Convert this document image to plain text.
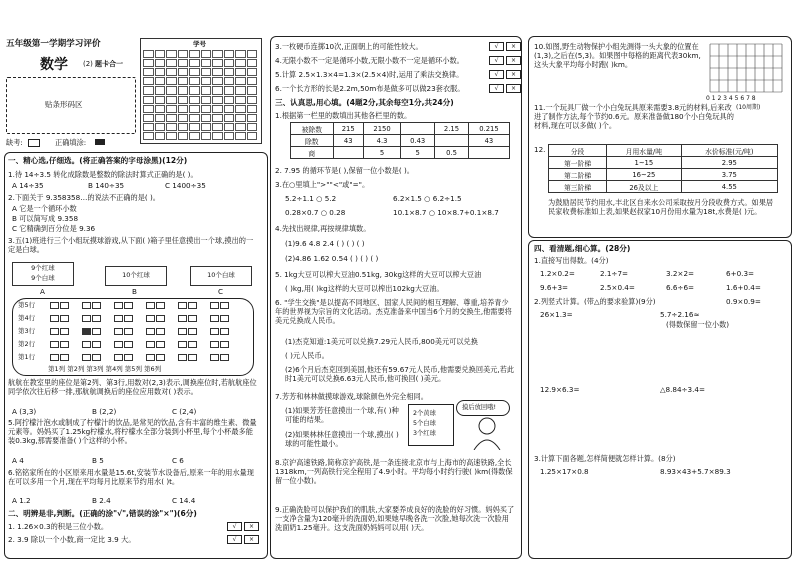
五年级第一学期学习评价
数学 (2) 题卡合一
贴条形码区
缺考:	正确填涂:
学号
一、精心选,仔细选。(将正确答案的字母涂黑)(12分)
1.待 14÷3.5 转化成除数是整数的除法时算式正确的是( )。
A 14÷35	B 140÷35	C 1400÷35
2.下面关于 9.358358…的说法不正确的是( )。
A 它是一个循环小数
B 可以简写成 9.358
C 它精确到百分位是 9.36
3.五(1)班进行三个小组玩摸球游戏,从下面( )箱子里任意摸出一个球,摸出的一定是白球。
9个红球
9个白球	10个红球	10个白球
A	B	C
第5行
第4行
第3行
第2行
第1行
第1列 第2列 第3列 第4列 第5列 第6列
航航在教室里的座位是第2列、第3行,用数对(2,3)表示,调换座位时,若航航座位同学依次往后移一排,那航航调换后的座位应用数对( )表示。
A (3,3)	B (2,2)	C (2,4)
5.阿拧檬汁泡水或制成了柠檬汁的饮品,是常见的饮品,含有丰富的维生素、微量元素等。妈妈买了1.25kg柠檬水,将柠檬水全部分装到小杯里,每个小杯最多能装0.3kg,那需要准备( )个这样的小杯。
A 4	B 5	C 6
6.铭铭家所在的小区原来用水量是15.6t,安装节水设备后,原来一年的用水量现在可以多用一个月,现在平均每月比原来节约用水( )t。
A 1.2	B 2.4	C 14.4
二、明辨是非,判断。(正确的涂"√",错误的涂"×")(6分)
1. 1.26×0.3的积是三位小数。
2. 3.9 除以一个小数,商一定比 3.9 大。
√ ×
√ ×
3.一枚硬币连掷10次,正面朝上的可能性较大。
4.无限小数不一定是循环小数,无限小数不一定是循环小数。
5.计算 2.5×1.3×4=1.3×(2.5×4)时,运用了乘法交换律。
6.一个长方形的长是2.2m,50m布是做多可以做23套衣服。
√ ×
√ ×
√ ×
√ ×
三、认真思,用心填。(4题2分,其余每空1分,共24分)
1.根据第一栏里的数填出其他各栏里的数。
被除数	215	2150		2.15	0.215
除数	43	4.3	0.43		43
商		5	5	0.5	
2. 7.95 的循环节是( ),保留一位小数是( )。
3.在○里填上">""<"或"="。
5.2÷1.1 ○ 5.2	6.2×1.5 ○ 6.2÷1.5
0.28×0.7 ○ 0.28	10.1×8.7 ○ 10×8.7+0.1×8.7
4.先找出规律,再按规律填数。
(1)9.6 4.8 2.4 ( ) ( ) ( )
(2)4.86 1.62 0.54 ( ) ( ) ( )
5. 1kg大豆可以榨大豆油0.51kg, 30kg这样的大豆可以榨大豆油
( )kg,用( )kg这样的大豆可以榨出102kg大豆油。
6. "学生交换"是以提高不同地区、国家人民间的相互理解、尊重,培养青少年的世界视为宗旨的文化活动。杰克准备来中国当6个月的交换生,他需要将美元兑换成人民币。
(1)杰克知道:1美元可以兑换7.29元人民币,800美元可以兑换
( )元人民币。
(2)6个月后杰克回到美国,他还有59.67元人民币,他需要兑换回美元,若此时1美元可以兑换6.63元人民币,他可换回( )美元。
7.芳芳和林林做摸球游戏,球除颜色外完全相同。
(1)如果芳芳任意摸出一个球,有( )种可能的结果。
(2)如果林林任意摸出一个球,摸出( )球的可能性最小。
2个黄球
5个白球
3个红球
摸后放回哦!
8.京沪高速铁路,简称京沪高铁,是一条连接北京市与上海市的高速铁路,全长1318km,一列高铁行完全程用了4.9小时。平均每小时约行驶( )km(得数保留一位小数)。
9.正确洗脸可以保护我们的肌肤,大家要养成良好的洗脸的好习惯。妈妈买了一支净含量为120毫升的洗面奶,如果她早晚各洗一次脸,她每次洗一次脸用洗面奶1.25毫升。这支洗面奶妈妈可以用( )天。
10.如图,野生动物保护小组先测得一头大象的位置在(1,3),之后在(5,3)。如果图中每格的距离代表30km,这头大象平均每小时跑( )km。
0 1 2 3 4 5 6 7 8
(10周期)
11.一个玩具厂做一个小白兔玩具原来需要3.8元的材料,后来改进了制作方法,每个节约0.6元。原来准备做180个小白兔玩具的材料,现在可以多做( )个。
12.	分段	月用水量/吨	水价标准(元/吨)
第一阶梯	1~15	2.95
第二阶梯	16~25	3.75
第三阶梯	26及以上	4.55
为鼓励居民节约用水,丰北区自来水公司采取按月分段收费方式。如果居民家收费标准如上表,如果赵叔家10月份用水量为18t,水费是( )元。
四、看清题,细心算。(28分)
1.直接写出得数。(4分)
1.2×0.2=	2.1÷7=	3.2×2=	6+0.3=
9.6+3=	2.5×0.4=	6.6÷6=	1.6+0.4=
0.9×0.9=
2.列竖式计算。(带△的要求验算)(9分)
26×1.3=	5.7÷2.16≈
(得数保留一位小数)
12.9×6.3=	△8.84÷3.4=
3.计算下面各题,怎样简便就怎样计算。(8分)
1.25×17×0.8	8.93×43+5.7×89.3
